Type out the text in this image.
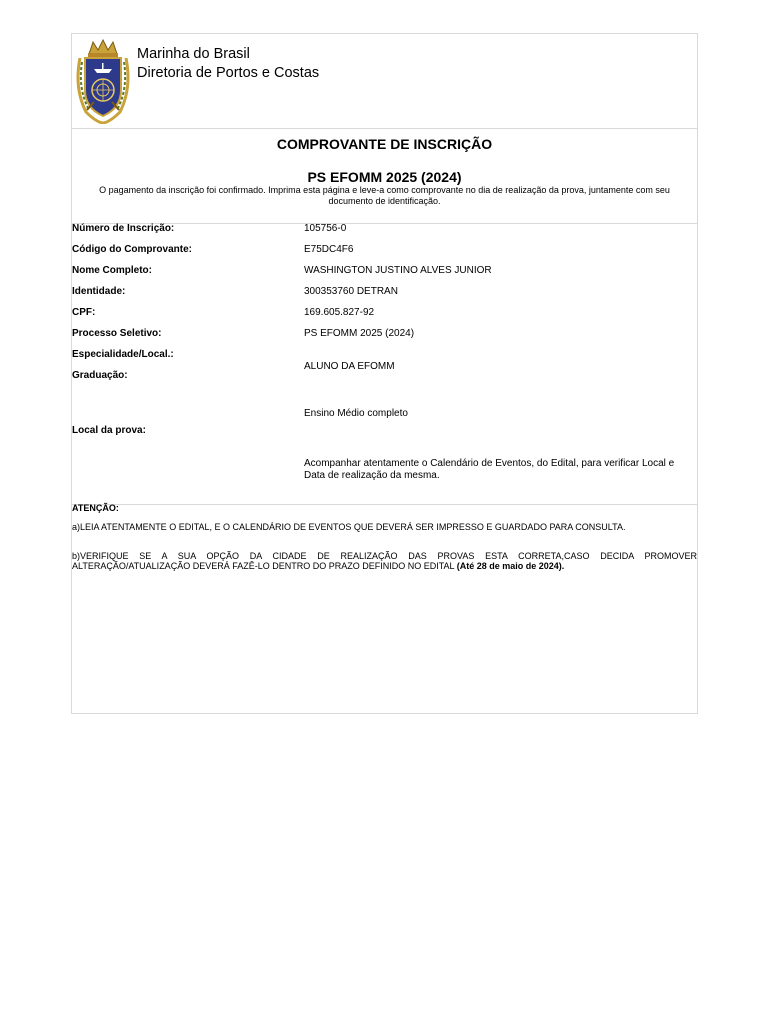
Marinha do Brasil
Diretoria de Portos e Costas
COMPROVANTE DE INSCRIÇÃO
PS EFOMM 2025 (2024)
O pagamento da inscrição foi confirmado. Imprima esta página e leve-a como comprovante no dia de realização da prova, juntamente com seu documento de identificação.
Número de Inscrição:	105756-0
Código do Comprovante:	E75DC4F6
Nome Completo:	WASHINGTON JUSTINO ALVES JUNIOR
Identidade:	300353760 DETRAN
CPF:	169.605.827-92
Processo Seletivo:	PS EFOMM 2025 (2024)
Especialidade/Local.:
ALUNO DA EFOMM
Graduação:
Ensino Médio completo
Local da prova:
Acompanhar atentamente o Calendário de Eventos, do Edital, para verificar Local e Data de realização da mesma.
ATENÇÃO:
a)LEIA ATENTAMENTE O EDITAL, E O CALENDÁRIO DE EVENTOS QUE DEVERÁ SER IMPRESSO E GUARDADO PARA CONSULTA.
b)VERIFIQUE SE A SUA OPÇÃO DA CIDADE DE REALIZAÇÃO DAS PROVAS ESTA CORRETA,CASO DECIDA PROMOVER ALTERAÇÃO/ATUALIZAÇÃO DEVERÁ FAZÊ-LO DENTRO DO PRAZO DEFINIDO NO EDITAL (Até 28 de maio de 2024).
